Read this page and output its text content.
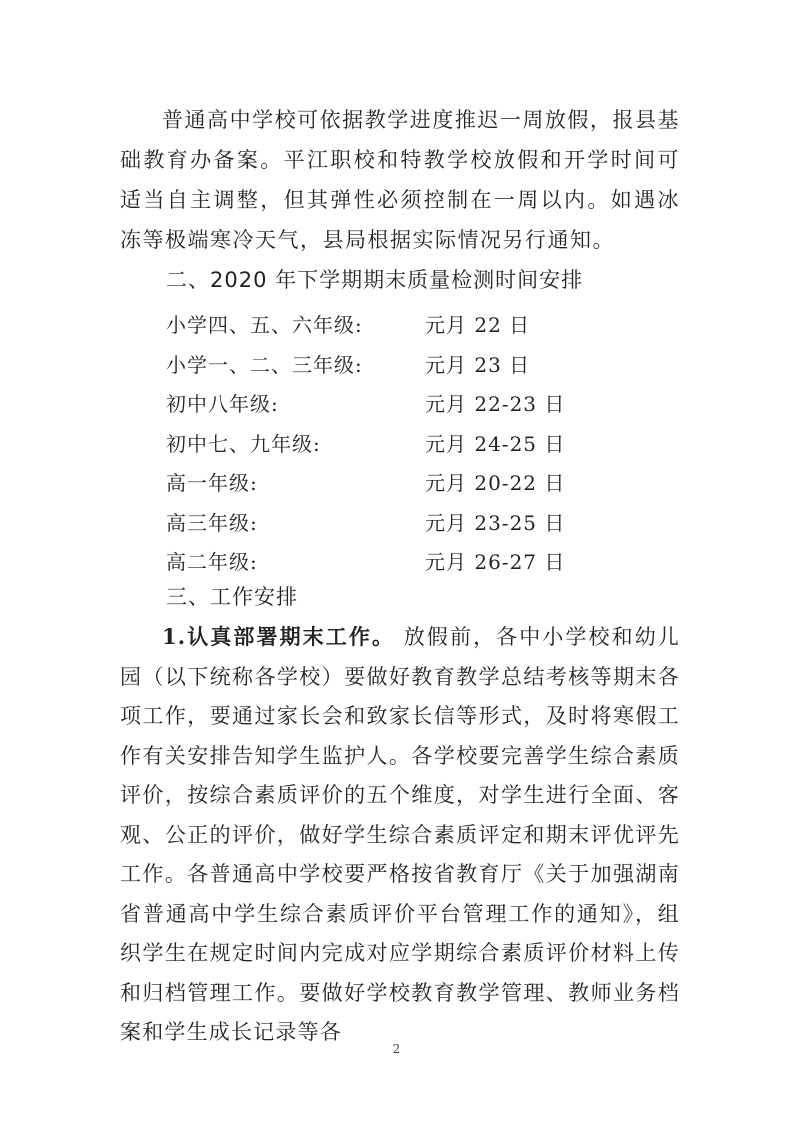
普通高中学校可依据教学进度推迟一周放假，报县基础教育办备案。平江职校和特教学校放假和开学时间可适当自主调整，但其弹性必须控制在一周以内。如遇冰冻等极端寒冷天气，县局根据实际情况另行通知。

二、2020 年下学期期末质量检测时间安排
小学四、五、六年级:	元月 22 日
小学一、二、三年级:	元月 23 日
初中八年级:	元月 22-23 日
初中七、九年级:	元月 24-25 日
高一年级:	元月 20-22 日
高三年级:	元月 23-25 日
高二年级:	元月 26-27 日
三、工作安排

1.认真部署期末工作。 放假前，各中小学校和幼儿园（以下统称各学校）要做好教育教学总结考核等期末各项工作，要通过家长会和致家长信等形式，及时将寒假工作有关安排告知学生监护人。各学校要完善学生综合素质评价，按综合素质评价的五个维度，对学生进行全面、客观、公正的评价，做好学生综合素质评定和期末评优评先工作。各普通高中学校要严格按省教育厅《关于加强湖南省普通高中学生综合素质评价平台管理工作的通知》，组织学生在规定时间内完成对应学期综合素质评价材料上传和归档管理工作。要做好学校教育教学管理、教师业务档案和学生成长记录等各

2
